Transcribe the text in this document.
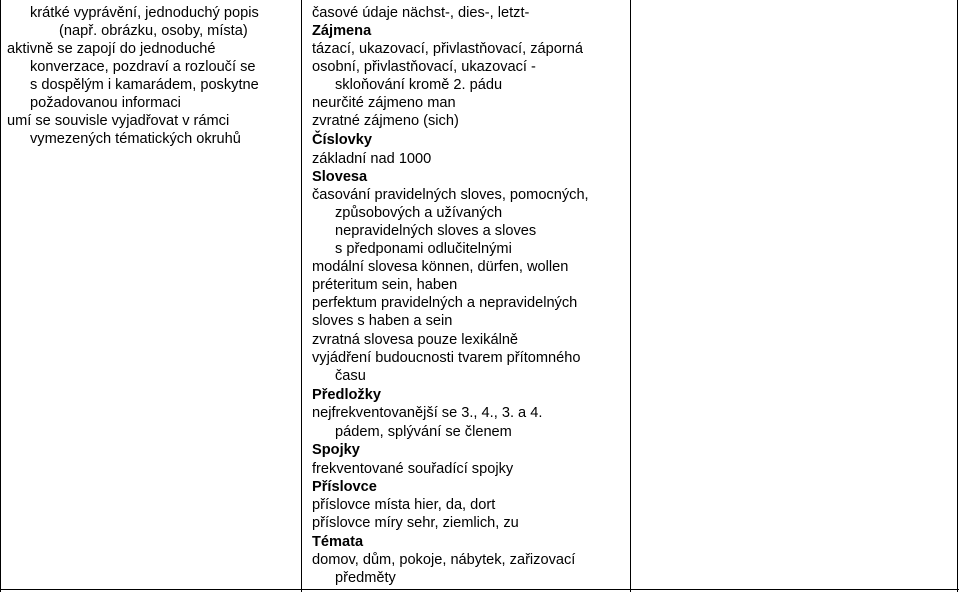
krátké vyprávění, jednoduchý popis
(např. obrázku, osoby, místa)
aktivně se zapojí do jednoduché
konverzace, pozdraví a rozloučí se
s dospělým i kamarádem, poskytne
požadovanou informaci
umí se souvisle vyjadřovat v rámci
vymezených tématických okruhů
časové údaje nächst-, dies-, letzt-
Zájmena
tázací, ukazovací, přivlastňovací, záporná
osobní, přivlastňovací, ukazovací -
skloňování kromě 2. pádu
neurčité zájmeno man
zvratné zájmeno (sich)
Číslovky
základní nad 1000
Slovesa
časování pravidelných sloves, pomocných,
způsobových a užívaných
nepravidelných sloves a sloves
s předponami odlučitelnými
modální slovesa können, dürfen, wollen
préteritum sein, haben
perfektum pravidelných a nepravidelných
sloves s haben a sein
zvratná slovesa pouze lexikálně
vyjádření budoucnosti tvarem přítomného
času
Předložky
nejfrekventovanější se 3., 4., 3. a 4.
pádem, splývání se členem
Spojky
frekventované souřadící spojky
Příslovce
příslovce místa hier, da, dort
příslovce míry sehr, ziemlich, zu
Témata
domov, dům, pokoje, nábytek, zařizovací
předměty
